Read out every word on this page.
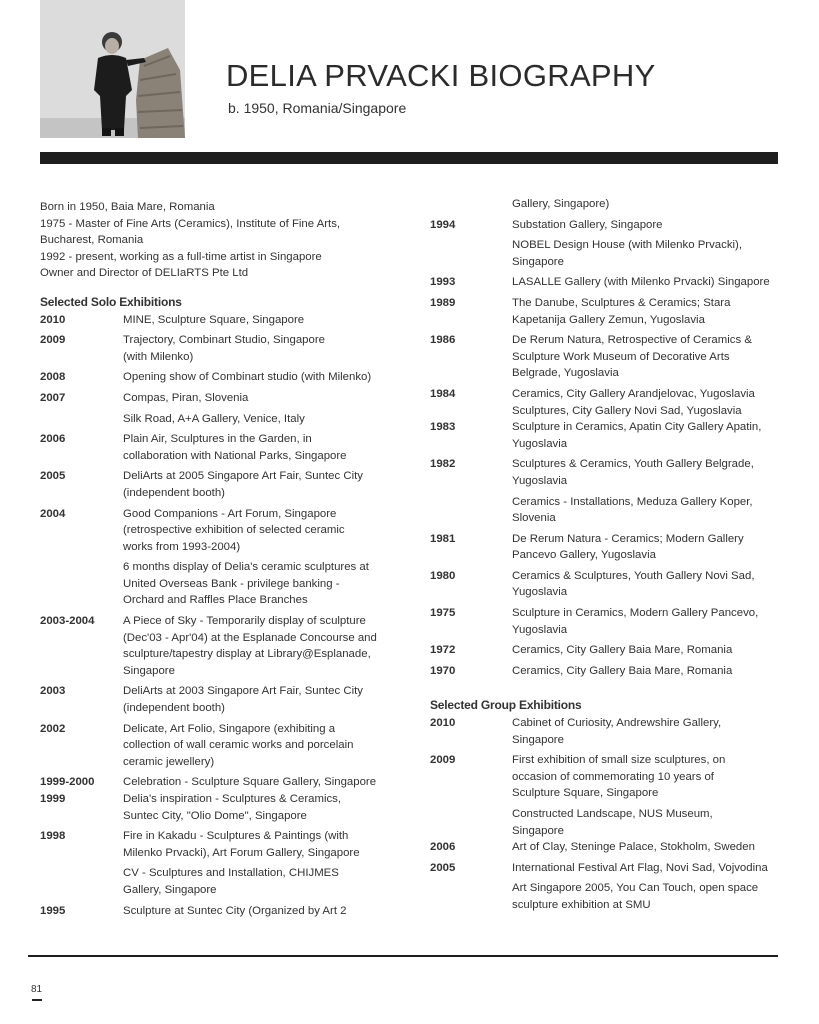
DELIA PRVACKI BIOGRAPHY
b. 1950, Romania/Singapore
Born in 1950, Baia Mare, Romania
1975 - Master of Fine Arts (Ceramics), Institute of Fine Arts,
Bucharest, Romania
1992 - present, working as a full-time artist in Singapore
Owner and Director of DELIaRTS Pte Ltd
Selected Solo Exhibitions
2010	MINE, Sculpture Square, Singapore
2009	Trajectory, Combinart Studio, Singapore
(with Milenko)
2008	Opening show of Combinart studio (with Milenko)
2007	Compas, Piran, Slovenia
Silk Road, A+A Gallery, Venice, Italy
2006	Plain Air, Sculptures in the Garden, in
collaboration with National Parks, Singapore
2005	DeliArts at 2005 Singapore Art Fair, Suntec City
(independent booth)
2004	Good Companions - Art Forum, Singapore
(retrospective exhibition of selected ceramic
works from 1993-2004)
6 months display of Delia's ceramic sculptures at
United Overseas Bank - privilege banking -
Orchard and Raffles Place Branches
2003-2004	A Piece of Sky - Temporarily display of sculpture
(Dec'03 - Apr'04) at the Esplanade Concourse and
sculpture/tapestry display at Library@Esplanade,
Singapore
2003	DeliArts at 2003 Singapore Art Fair, Suntec City
(independent booth)
2002	Delicate, Art Folio, Singapore (exhibiting a
collection of wall ceramic works and porcelain
ceramic jewellery)
1999-2000	Celebration - Sculpture Square Gallery, Singapore
1999	Delia's inspiration - Sculptures & Ceramics,
Suntec City, "Olio Dome", Singapore
1998	Fire in Kakadu - Sculptures & Paintings (with
Milenko Prvacki), Art Forum Gallery, Singapore
CV - Sculptures and Installation, CHIJMES
Gallery, Singapore
1995	Sculpture at Suntec City (Organized by Art 2
Gallery, Singapore)
1994	Substation Gallery, Singapore
NOBEL Design House (with Milenko Prvacki),
Singapore
1993	LASALLE Gallery (with Milenko Prvacki) Singapore
1989	The Danube, Sculptures & Ceramics; Stara
Kapetanija Gallery Zemun, Yugoslavia
1986	De Rerum Natura, Retrospective of Ceramics &
Sculpture Work Museum of Decorative Arts
Belgrade, Yugoslavia
1984	Ceramics, City Gallery Arandjelovac, Yugoslavia
Sculptures, City Gallery Novi Sad, Yugoslavia
1983	Sculpture in Ceramics, Apatin City Gallery Apatin,
Yugoslavia
1982	Sculptures & Ceramics, Youth Gallery Belgrade,
Yugoslavia
Ceramics - Installations, Meduza Gallery Koper,
Slovenia
1981	De Rerum Natura - Ceramics; Modern Gallery
Pancevo Gallery, Yugoslavia
1980	Ceramics & Sculptures, Youth Gallery Novi Sad,
Yugoslavia
1975	Sculpture in Ceramics, Modern Gallery Pancevo,
Yugoslavia
1972	Ceramics, City Gallery Baia Mare, Romania
1970	Ceramics, City Gallery Baia Mare, Romania
Selected Group Exhibitions
2010	Cabinet of Curiosity, Andrewshire Gallery,
Singapore
2009	First exhibition of small size sculptures, on
occasion of commemorating 10 years of
Sculpture Square, Singapore
Constructed Landscape, NUS Museum,
Singapore
2006	Art of Clay, Steninge Palace, Stokholm, Sweden
2005	International Festival Art Flag, Novi Sad, Vojvodina
Art Singapore 2005, You Can Touch, open space
sculpture exhibition at SMU
81
